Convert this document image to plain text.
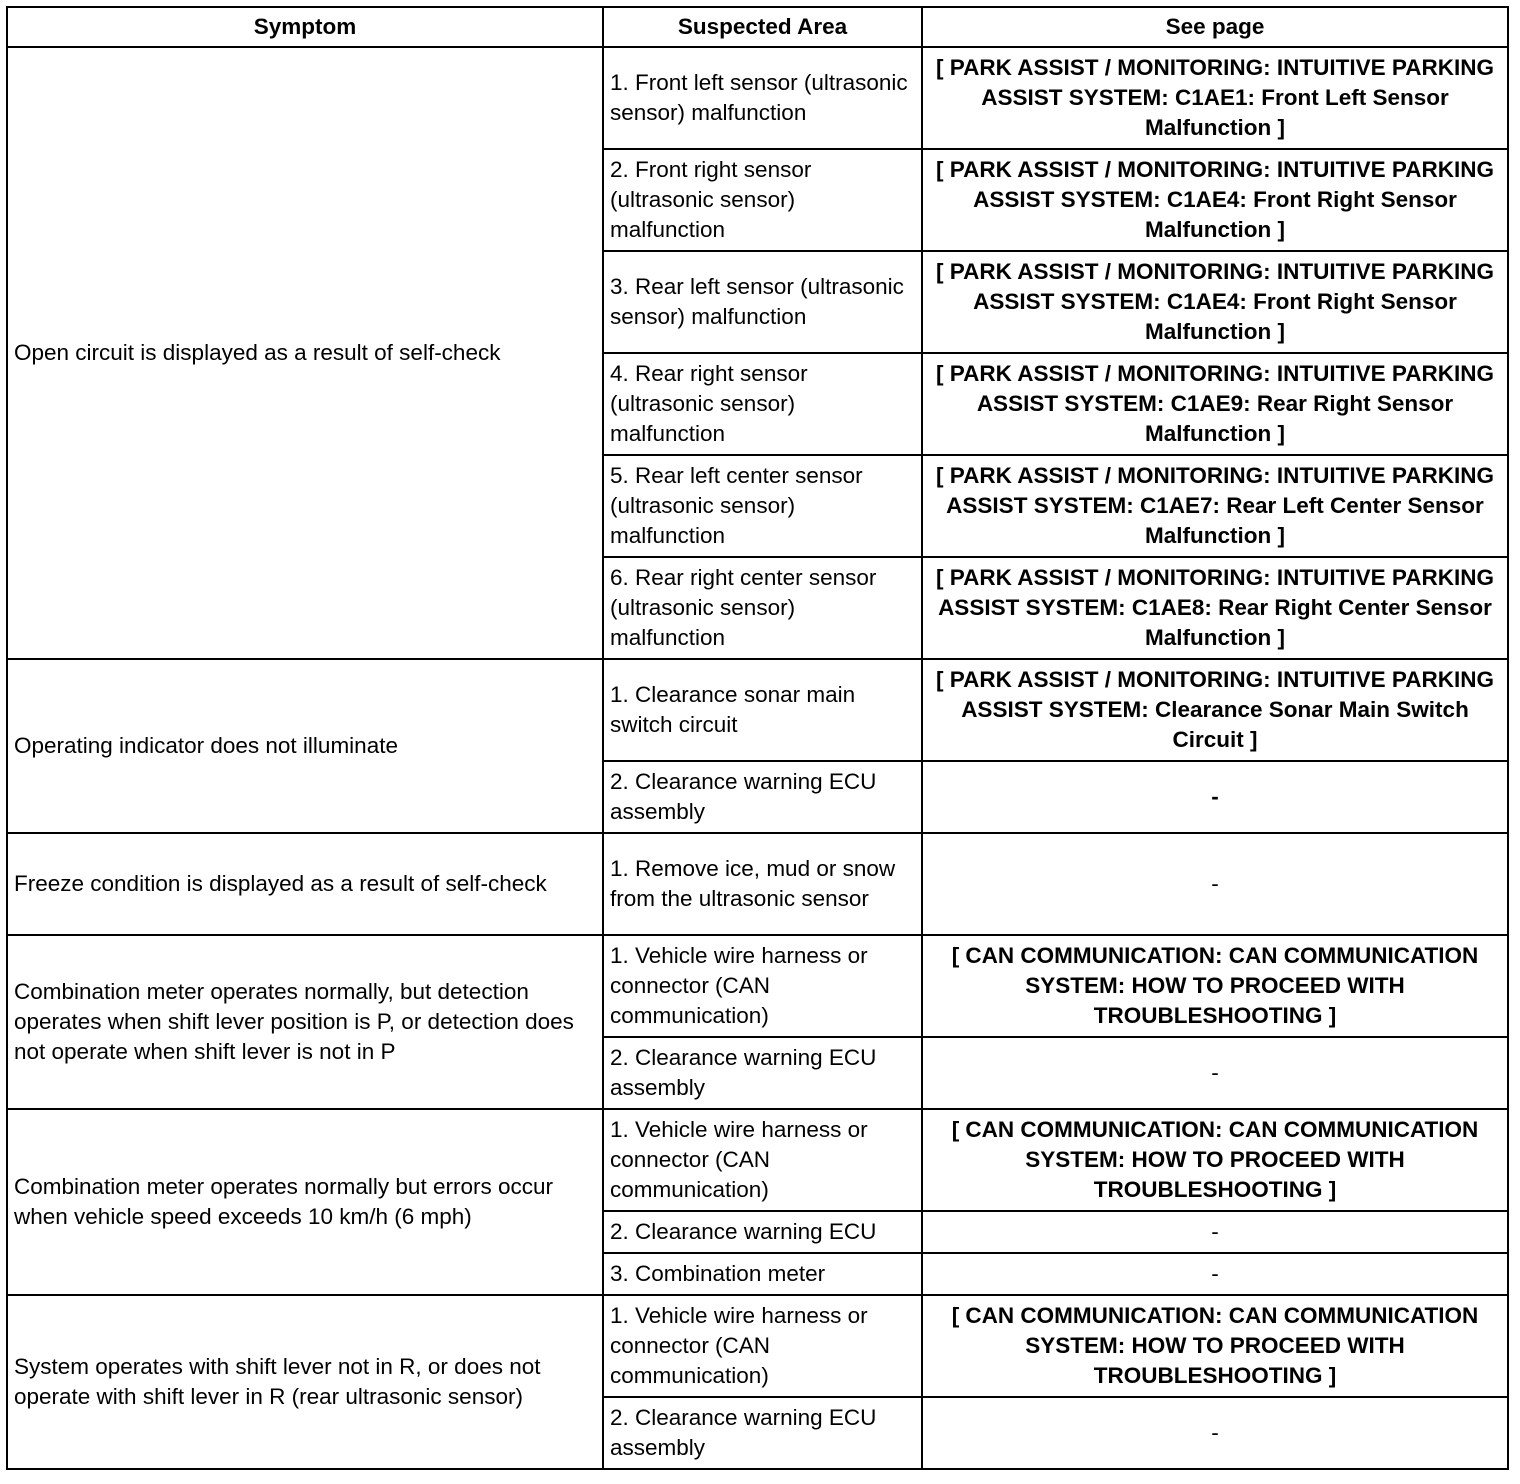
Symptom	Suspected Area	See page
Open circuit is displayed as a result of self-check	1. Front left sensor (ultrasonic sensor) malfunction	[ PARK ASSIST / MONITORING: INTUITIVE PARKING ASSIST SYSTEM: C1AE1: Front Left Sensor Malfunction ]
	2. Front right sensor (ultrasonic sensor) malfunction	[ PARK ASSIST / MONITORING: INTUITIVE PARKING ASSIST SYSTEM: C1AE4: Front Right Sensor Malfunction ]
	3. Rear left sensor (ultrasonic sensor) malfunction	[ PARK ASSIST / MONITORING: INTUITIVE PARKING ASSIST SYSTEM: C1AE4: Front Right Sensor Malfunction ]
	4. Rear right sensor (ultrasonic sensor) malfunction	[ PARK ASSIST / MONITORING: INTUITIVE PARKING ASSIST SYSTEM: C1AE9: Rear Right Sensor Malfunction ]
	5. Rear left center sensor (ultrasonic sensor) malfunction	[ PARK ASSIST / MONITORING: INTUITIVE PARKING ASSIST SYSTEM: C1AE7: Rear Left Center Sensor Malfunction ]
	6. Rear right center sensor (ultrasonic sensor) malfunction	[ PARK ASSIST / MONITORING: INTUITIVE PARKING ASSIST SYSTEM: C1AE8: Rear Right Center Sensor Malfunction ]
Operating indicator does not illuminate	1. Clearance sonar main switch circuit	[ PARK ASSIST / MONITORING: INTUITIVE PARKING ASSIST SYSTEM: Clearance Sonar Main Switch Circuit ]
	2. Clearance warning ECU assembly	-
Freeze condition is displayed as a result of self-check	1. Remove ice, mud or snow from the ultrasonic sensor	-
Combination meter operates normally, but detection operates when shift lever position is P, or detection does not operate when shift lever is not in P	1. Vehicle wire harness or connector (CAN communication)	[ CAN COMMUNICATION: CAN COMMUNICATION SYSTEM: HOW TO PROCEED WITH TROUBLESHOOTING ]
	2. Clearance warning ECU assembly	-
Combination meter operates normally but errors occur when vehicle speed exceeds 10 km/h (6 mph)	1. Vehicle wire harness or connector (CAN communication)	[ CAN COMMUNICATION: CAN COMMUNICATION SYSTEM: HOW TO PROCEED WITH TROUBLESHOOTING ]
	2. Clearance warning ECU	-
	3. Combination meter	-
System operates with shift lever not in R, or does not operate with shift lever in R (rear ultrasonic sensor)	1. Vehicle wire harness or connector (CAN communication)	[ CAN COMMUNICATION: CAN COMMUNICATION SYSTEM: HOW TO PROCEED WITH TROUBLESHOOTING ]
	2. Clearance warning ECU assembly	-
